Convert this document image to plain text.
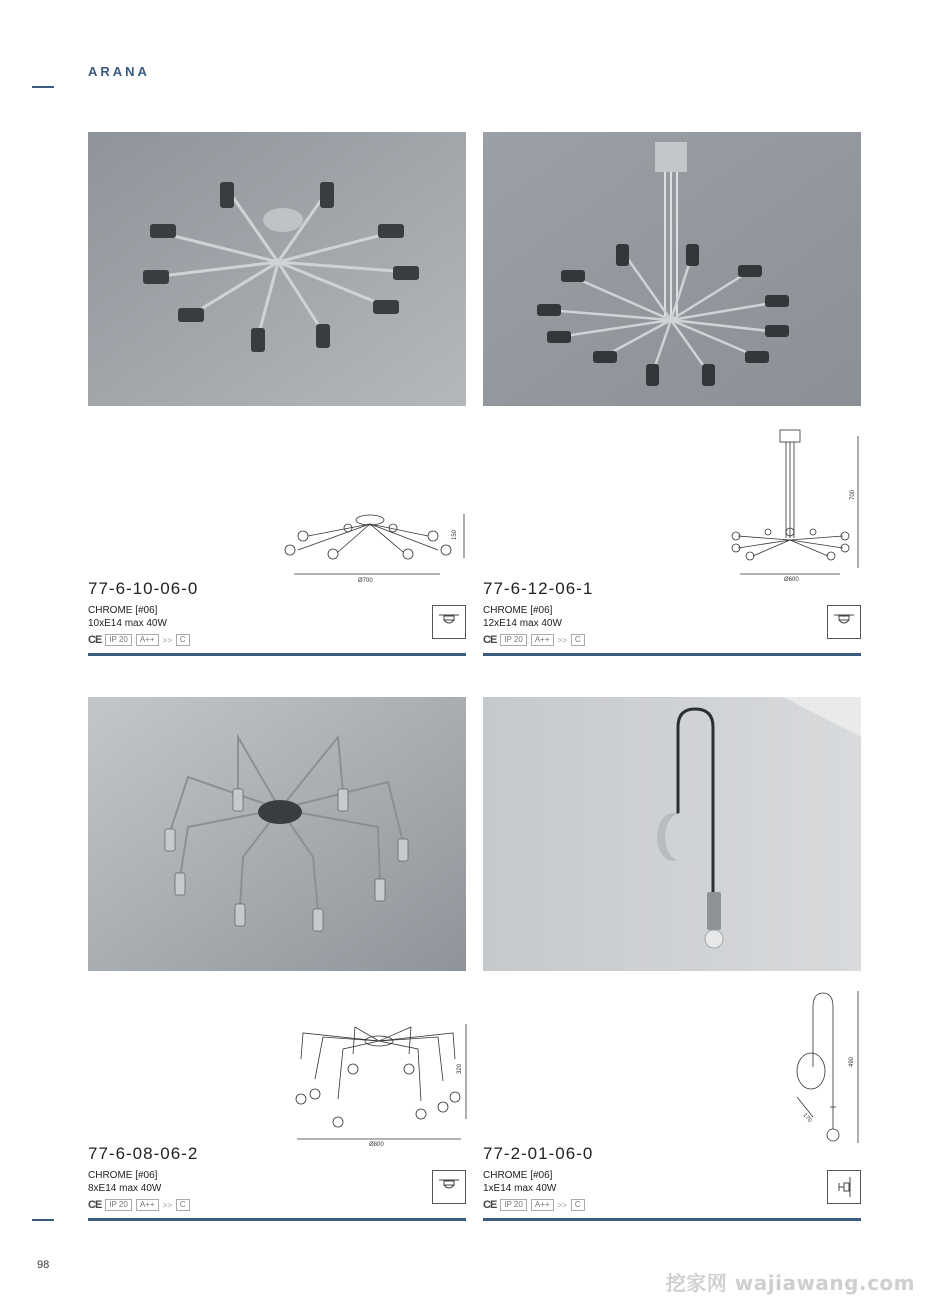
ARANA
Ø700
150
77-6-10-06-0
CHROME [#06]
10xE14 max 40W
CE	IP 20	A++	>>	C
Ø600
700
77-6-12-06-1
CHROME [#06]
12xE14 max 40W
CE	IP 20	A++	>>	C
Ø800
320
77-6-08-06-2
CHROME [#06]
8xE14 max 40W
CE	IP 20	A++	>>	C
170
490
77-2-01-06-0
CHROME [#06]
1xE14 max 40W
CE	IP 20	A++	>>	C
98
挖家网 wajiawang.com
